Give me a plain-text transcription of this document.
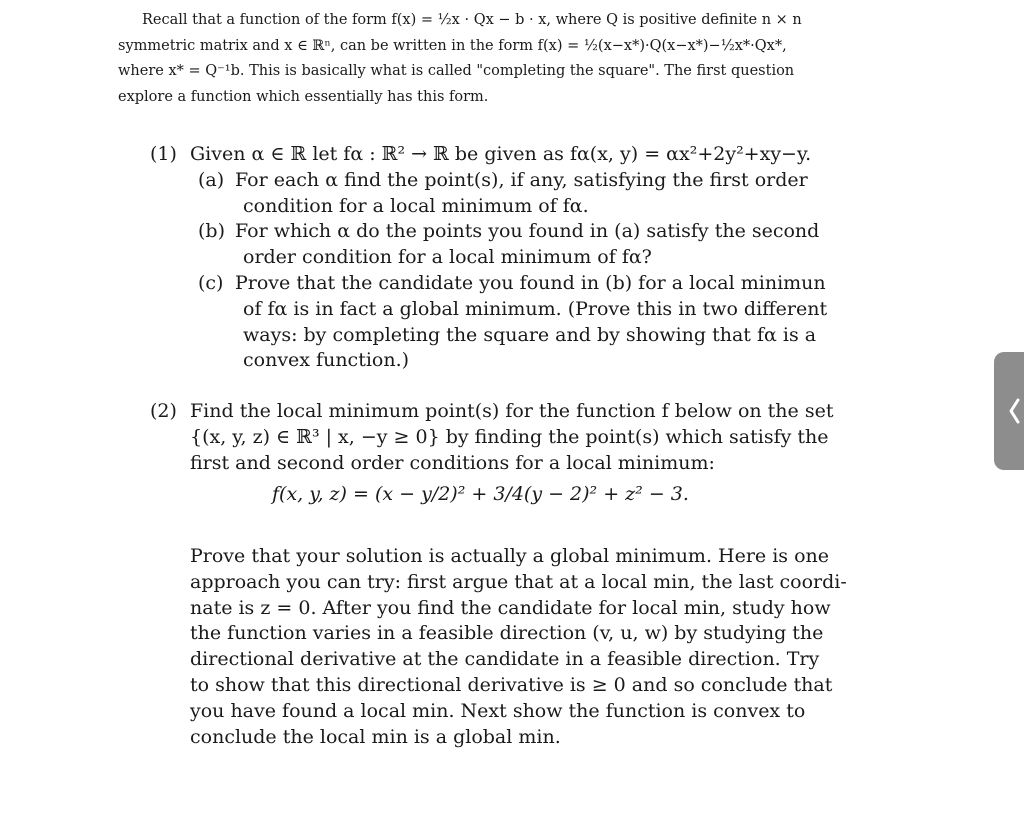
Recall that a function of the form f(x) = ½x · Qx − b · x, where Q is positive definite n × n
symmetric matrix and x ∈ ℝⁿ, can be written in the form f(x) = ½(x−x*)·Q(x−x*)−½x*·Qx*,
where x* = Q⁻¹b. This is basically what is called "completing the square". The first question
explore a function which essentially has this form.
(1) Given α ∈ ℝ let fα : ℝ² → ℝ be given as fα(x, y) = αx²+2y²+xy−y.
(a) For each α find the point(s), if any, satisfying the first order
condition for a local minimum of fα.
(b) For which α do the points you found in (a) satisfy the second
order condition for a local minimum of fα?
(c) Prove that the candidate you found in (b) for a local minimun
of fα is in fact a global minimum. (Prove this in two different
ways: by completing the square and by showing that fα is a
convex function.)
(2) Find the local minimum point(s) for the function f below on the set
{(x, y, z) ∈ ℝ³ | x, −y ≥ 0} by finding the point(s) which satisfy the
first and second order conditions for a local minimum:
f(x, y, z) = (x − y/2)² + 3/4(y − 2)² + z² − 3.
Prove that your solution is actually a global minimum. Here is one
approach you can try: first argue that at a local min, the last coordi-
nate is z = 0. After you find the candidate for local min, study how
the function varies in a feasible direction (v, u, w) by studying the
directional derivative at the candidate in a feasible direction. Try
to show that this directional derivative is ≥ 0 and so conclude that
you have found a local min. Next show the function is convex to
conclude the local min is a global min.
